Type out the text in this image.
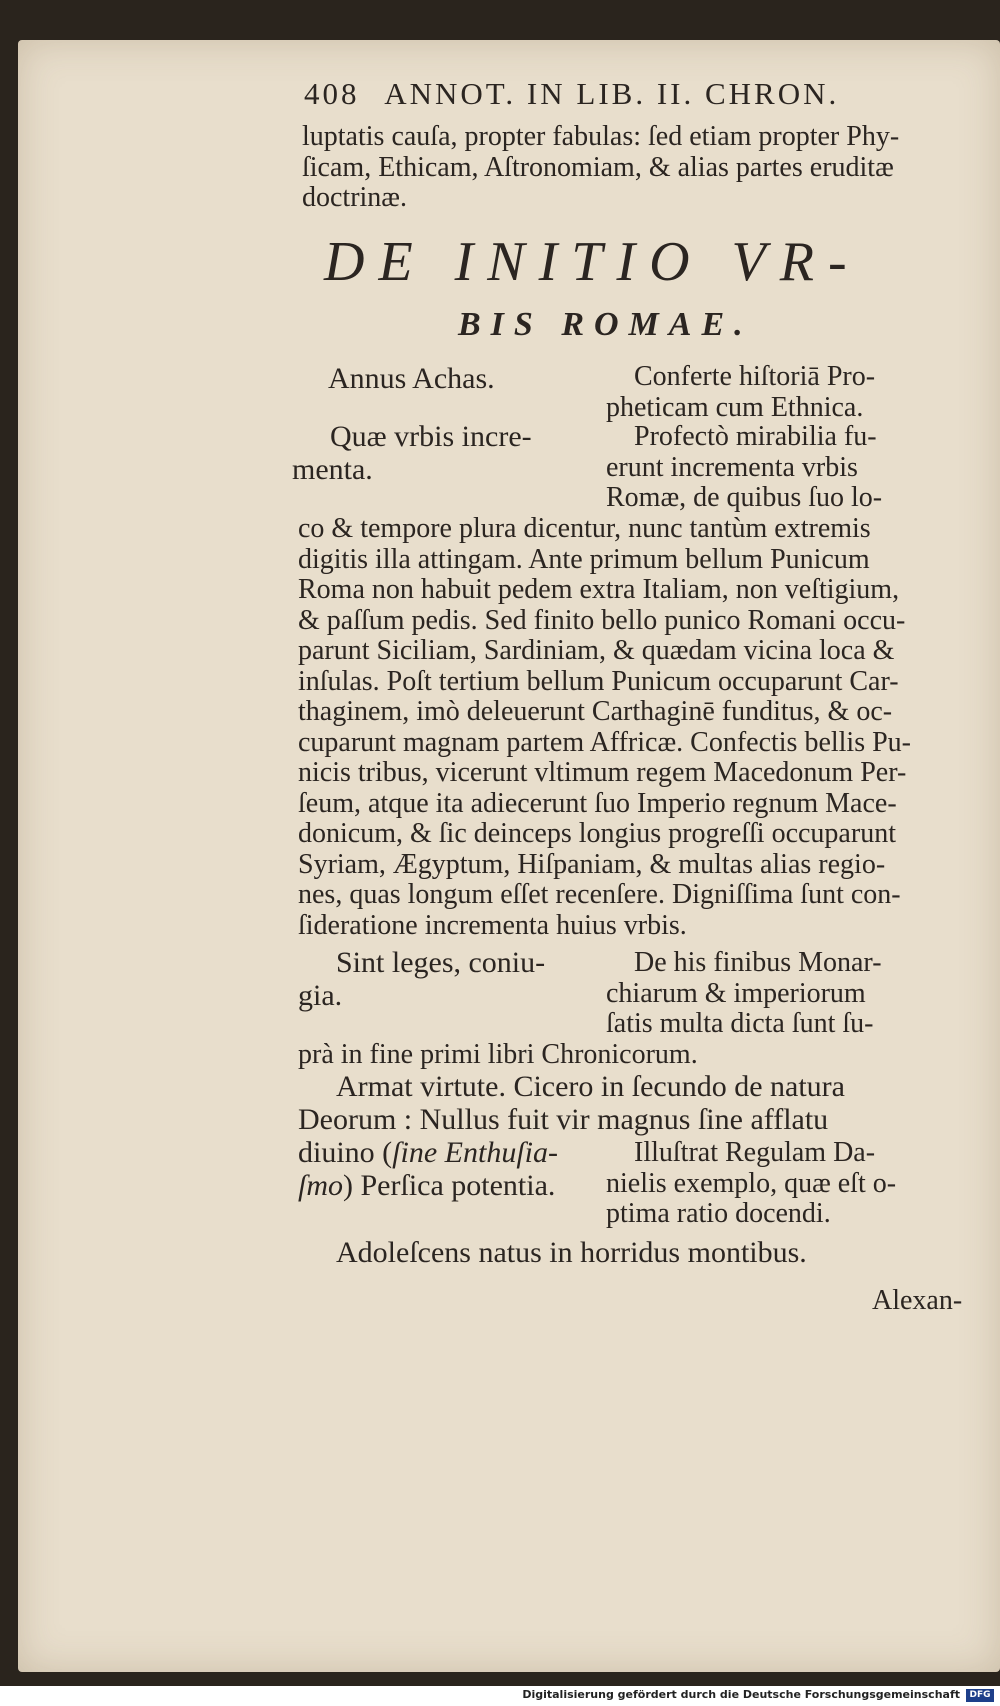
408 ANNOT. IN LIB. II. CHRON.
luptatis cauſa, propter fabulas: ſed etiam propter Phy-
ſicam, Ethicam, Aſtronomiam, & alias partes eruditæ
doctrinæ.
DE INITIO VR-
BIS ROMAE.
Annus Achas.	Conferte hiſtoriā Pro-
pheticam cum Ethnica.
Quæ vrbis incre-
menta.
Profectò mirabilia fu-
erunt incrementa vrbis
Romæ, de quibus ſuo lo-
co & tempore plura dicentur, nunc tantùm extremis
digitis illa attingam. Ante primum bellum Punicum
Roma non habuit pedem extra Italiam, non veſtigium,
& paſſum pedis. Sed finito bello punico Romani occu-
parunt Siciliam, Sardiniam, & quædam vicina loca &
inſulas. Poſt tertium bellum Punicum occuparunt Car-
thaginem, imò deleuerunt Carthaginē funditus, & oc-
cuparunt magnam partem Affricæ. Confectis bellis Pu-
nicis tribus, vicerunt vltimum regem Macedonum Per-
ſeum, atque ita adiecerunt ſuo Imperio regnum Mace-
donicum, & ſic deinceps longius progreſſi occuparunt
Syriam, Ægyptum, Hiſpaniam, & multas alias regio-
nes, quas longum eſſet recenſere. Digniſſima ſunt con-
ſideratione incrementa huius vrbis.
Sint leges, coniu-
gia.
De his finibus Monar-
chiarum & imperiorum
ſatis multa dicta ſunt ſu-
prà in fine primi libri Chronicorum.
Armat virtute. Cicero in ſecundo de natura
Deorum : Nullus fuit vir magnus ſine afflatu
diuino (ſine Enthuſia-
ſmo) Perſica potentia.
Illuſtrat Regulam Da-
nielis exemplo, quæ eſt o-
ptima ratio docendi.
Adoleſcens natus in horridus montibus.
Alexan-
Digitalisierung gefördert durch die Deutsche Forschungsgemeinschaft	DFG
